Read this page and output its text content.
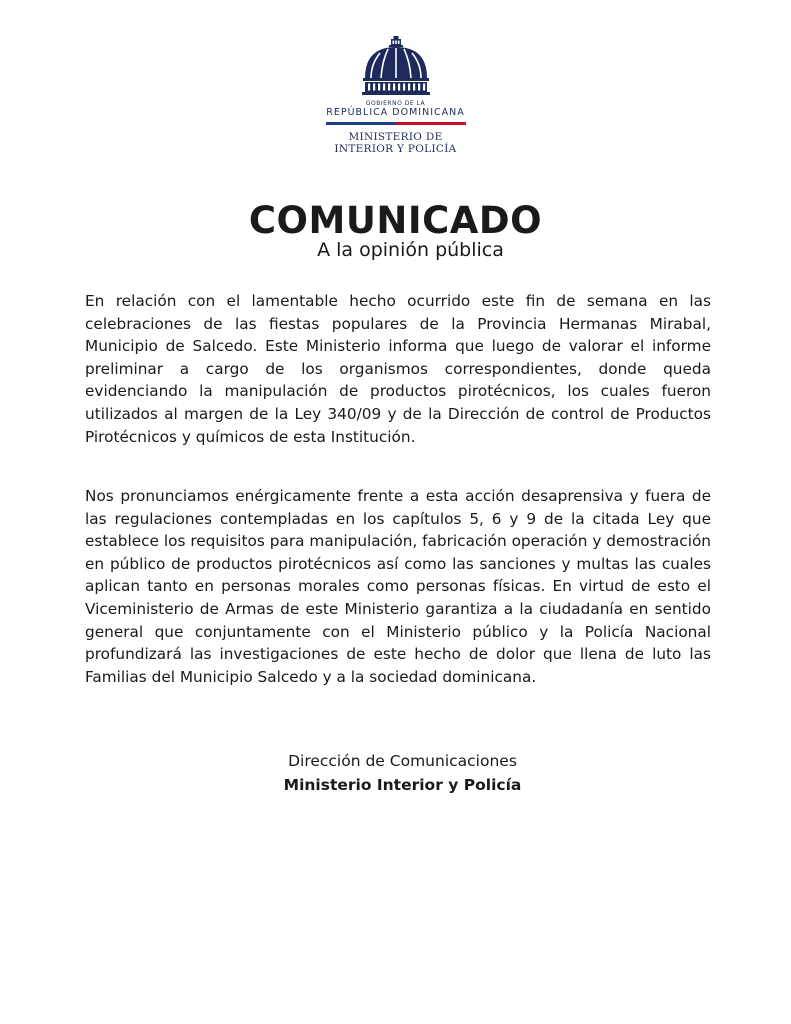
GOBIERNO DE LA
REPÚBLICA DOMINICANA
MINISTERIO DE
INTERIOR Y POLICÍA
COMUNICADO
A la opinión pública

En relación con el lamentable hecho ocurrido este fin de semana en las celebraciones de las fiestas populares de la Provincia Hermanas Mirabal, Municipio de Salcedo. Este Ministerio informa que luego de valorar el informe preliminar a cargo de los organismos correspondientes, donde queda evidenciando la manipulación de productos pirotécnicos, los cuales fueron utilizados al margen de la Ley 340/09 y de la Dirección de control de Productos Pirotécnicos y químicos de esta Institución.

Nos pronunciamos enérgicamente frente a esta acción desaprensiva y fuera de las regulaciones contempladas en los capítulos 5, 6 y 9 de la citada Ley que establece los requisitos para manipulación, fabricación operación y demostración en público de productos pirotécnicos así como las sanciones y multas las cuales aplican tanto en personas morales como personas físicas. En virtud de esto el Viceministerio de Armas de este Ministerio garantiza a la ciudadanía en sentido general que conjuntamente con el Ministerio público y la Policía Nacional profundizará las investigaciones de este hecho de dolor que llena de luto las Familias del Municipio Salcedo y a la sociedad dominicana.

Dirección de Comunicaciones
Ministerio Interior y Policía
